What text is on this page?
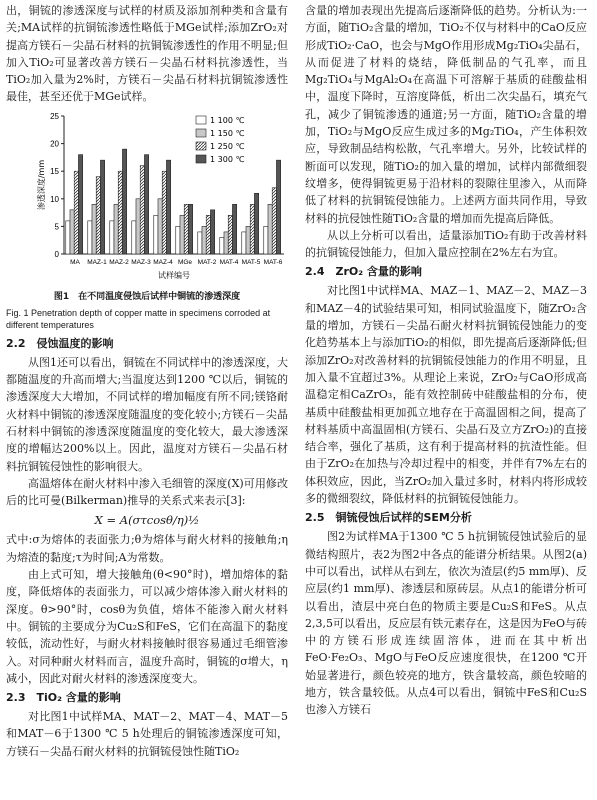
出，铜锍的渗透深度与试样的材质及添加剂种类和含量有关;MA试样的抗铜锍渗透性略低于MGe试样;添加ZrO₂对提高方镁石－尖晶石材料的抗铜锍渗透性的作用不明显;但加入TiO₂可显著改善方镁石－尖晶石材料抗渗透性，当TiO₂加入量为2%时，方镁石－尖晶石材料抗铜锍渗透性最佳，甚至还优于MGe试样。

0
5
10
15
20
25
渗透深度/mm
MA MAZ-1 MAZ-2 MAZ-3 MAZ-4 MGe MAT-2 MAT-4 MAT-5 MAT-6
试样编号
1 100 ℃
1 150 ℃
1 250 ℃
1 300 ℃

图1　在不同温度侵蚀后试样中铜锍的渗透深度

Fig. 1 Penetration depth of copper matte in specimens corroded at different temperatures

2.2　侵蚀温度的影响

从图1还可以看出，铜锍在不同试样中的渗透深度，大都随温度的升高而增大;当温度达到1200 ℃以后，铜锍的渗透深度大大增加，不同试样的增加幅度有所不同;镁铬耐火材料中铜锍的渗透深度随温度的变化较小;方镁石－尖晶石材料中铜锍的渗透深度随温度的变化较大，最大渗透深度的增幅达200%以上。因此，温度对方镁石－尖晶石材料抗铜锍侵蚀性的影响很大。

高温熔体在耐火材料中渗入毛细管的深度(X)可用修改后的比可曼(Bilkerman)推导的关系式来表示[3]:

X = A(στcosθ/η)½

式中:σ为熔体的表面张力;θ为熔体与耐火材料的接触角;η为熔渣的黏度;τ为时间;A为常数。

由上式可知，增大接触角(θ<90°时)，增加熔体的黏度，降低熔体的表面张力，可以减少熔体渗入耐火材料的深度。θ>90°时，cosθ为负值，熔体不能渗入耐火材料中。铜锍的主要成分为Cu₂S和FeS，它们在高温下的黏度较低，流动性好，与耐火材料接触时很容易通过毛细管渗入。对同种耐火材料而言，温度升高时，铜锍的σ增大，η减小，因此对耐火材料的渗透深度变大。

2.3　TiO₂ 含量的影响

对比图1中试样MA、MAT－2、MAT－4、MAT－5和MAT－6于1300 ℃ 5 h处理后的铜锍渗透深度可知，方镁石－尖晶石耐火材料的抗铜锍侵蚀性随TiO₂

含量的增加表现出先提高后逐渐降低的趋势。分析认为:一方面，随TiO₂含量的增加，TiO₂不仅与材料中的CaO反应形成TiO₂·CaO，也会与MgO作用形成Mg₂TiO₄尖晶石，从而促进了材料的烧结，降低制品的气孔率，而且Mg₂TiO₄与MgAl₂O₄在高温下可溶解于基质的硅酸盐相中，温度下降时，互溶度降低，析出二次尖晶石，填充气孔，减少了铜锍渗透的通道;另一方面，随TiO₂含量的增加，TiO₂与MgO反应生成过多的Mg₂TiO₄，产生体积效应，导致制品结构松散，气孔率增大。另外，比较试样的断面可以发现，随TiO₂的加入量的增加，试样内部微细裂纹增多，使得铜锍更易于沿材料的裂隙往里渗入，从而降低了材料的抗铜锍侵蚀能力。上述两方面共同作用，导致材料的抗侵蚀性随TiO₂含量的增加而先提高后降低。

从以上分析可以看出，适量添加TiO₂有助于改善材料的抗铜锍侵蚀能力，但加入量应控制在2%左右为宜。

2.4　ZrO₂ 含量的影响

对比图1中试样MA、MAZ－1、MAZ－2、MAZ－3和MAZ－4的试验结果可知，相同试验温度下，随ZrO₂含量的增加，方镁石－尖晶石耐火材料抗铜锍侵蚀能力的变化趋势基本上与添加TiO₂的相似，即先提高后逐渐降低;但添加ZrO₂对改善材料的抗铜锍侵蚀能力的作用不明显，且加入量不宜超过3%。从理论上来说，ZrO₂与CaO形成高温稳定相CaZrO₃，能有效控制砖中硅酸盐相的分布，使基质中硅酸盐相更加孤立地存在于高温固相之间，提高了材料基质中高温固相(方镁石、尖晶石及立方ZrO₂)的直接结合率，强化了基质，这有利于提高材料的抗渣性能。但由于ZrO₂在加热与冷却过程中的相变，并伴有7%左右的体积效应，因此，当ZrO₂加入量过多时，材料内将形成较多的微细裂纹，降低材料的抗铜锍侵蚀能力。

2.5　铜锍侵蚀后试样的SEM分析

图2为试样MA于1300 ℃ 5 h抗铜锍侵蚀试验后的显微结构照片，表2为图2中各点的能谱分析结果。从图2(a)中可以看出，试样从右到左，依次为渣层(约5 mm厚)、反应层(约1 mm厚)、渗透层和原砖层。从点1的能谱分析可以看出，渣层中亮白色的物质主要是Cu₂S和FeS。从点2,3,5可以看出，反应层有铁元素存在，这是因为FeO与砖中的方镁石形成连续固溶体，进而在其中析出FeO·Fe₂O₃、MgO与FeO反应速度很快，在1200 ℃开始显著进行，颜色较亮的地方，铁含量较高，颜色较暗的地方，铁含量较低。从点4可以看出，铜锍中FeS和Cu₂S也渗入方镁石
